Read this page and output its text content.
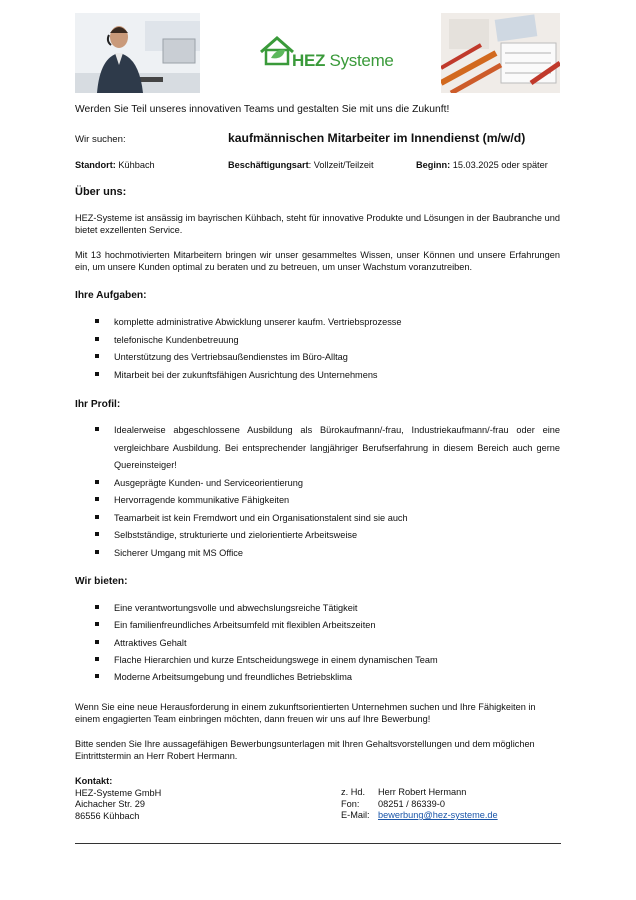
HEZ Systeme
Werden Sie Teil unseres innovativen Teams und gestalten Sie mit uns die Zukunft!
Wir suchen:	kaufmännischen Mitarbeiter im Innendienst (m/w/d)
Standort: Kühbach	Beschäftigungsart: Vollzeit/Teilzeit	Beginn: 15.03.2025 oder später
Über uns:
HEZ-Systeme ist ansässig im bayrischen Kühbach, steht für innovative Produkte und Lösungen in der Baubranche und bietet exzellenten Service.
Mit 13 hochmotivierten Mitarbeitern bringen wir unser gesammeltes Wissen, unser Können und unsere Erfahrungen ein, um unsere Kunden optimal zu beraten und zu betreuen, um unser Wachstum voranzutreiben.
Ihre Aufgaben:
komplette administrative Abwicklung unserer kaufm. Vertriebsprozesse
telefonische Kundenbetreuung
Unterstützung des Vertriebsaußendienstes im Büro-Alltag
Mitarbeit bei der zukunftsfähigen Ausrichtung des Unternehmens
Ihr Profil:
Idealerweise abgeschlossene Ausbildung als Bürokaufmann/-frau, Industriekaufmann/-frau oder eine vergleichbare Ausbildung. Bei entsprechender langjähriger Berufserfahrung in diesem Bereich auch gerne Quereinsteiger!
Ausgeprägte Kunden- und Serviceorientierung
Hervorragende kommunikative Fähigkeiten
Teamarbeit ist kein Fremdwort und ein Organisationstalent sind sie auch
Selbstständige, strukturierte und zielorientierte Arbeitsweise
Sicherer Umgang mit MS Office
Wir bieten:
Eine verantwortungsvolle und abwechslungsreiche Tätigkeit
Ein familienfreundliches Arbeitsumfeld mit flexiblen Arbeitszeiten
Attraktives Gehalt
Flache Hierarchien und kurze Entscheidungswege in einem dynamischen Team
Moderne Arbeitsumgebung und freundliches Betriebsklima
Wenn Sie eine neue Herausforderung in einem zukunftsorientierten Unternehmen suchen und Ihre Fähigkeiten in einem engagierten Team einbringen möchten, dann freuen wir uns auf Ihre Bewerbung!
Bitte senden Sie Ihre aussagefähigen Bewerbungsunterlagen mit Ihren Gehaltsvorstellungen und dem möglichen Eintrittstermin an Herr Robert Hermann.
Kontakt:
HEZ-Systeme GmbH
Aichacher Str. 29
86556 Kühbach
z. Hd. Herr Robert Hermann
Fon: 08251 / 86339-0
E-Mail: bewerbung@hez-systeme.de
